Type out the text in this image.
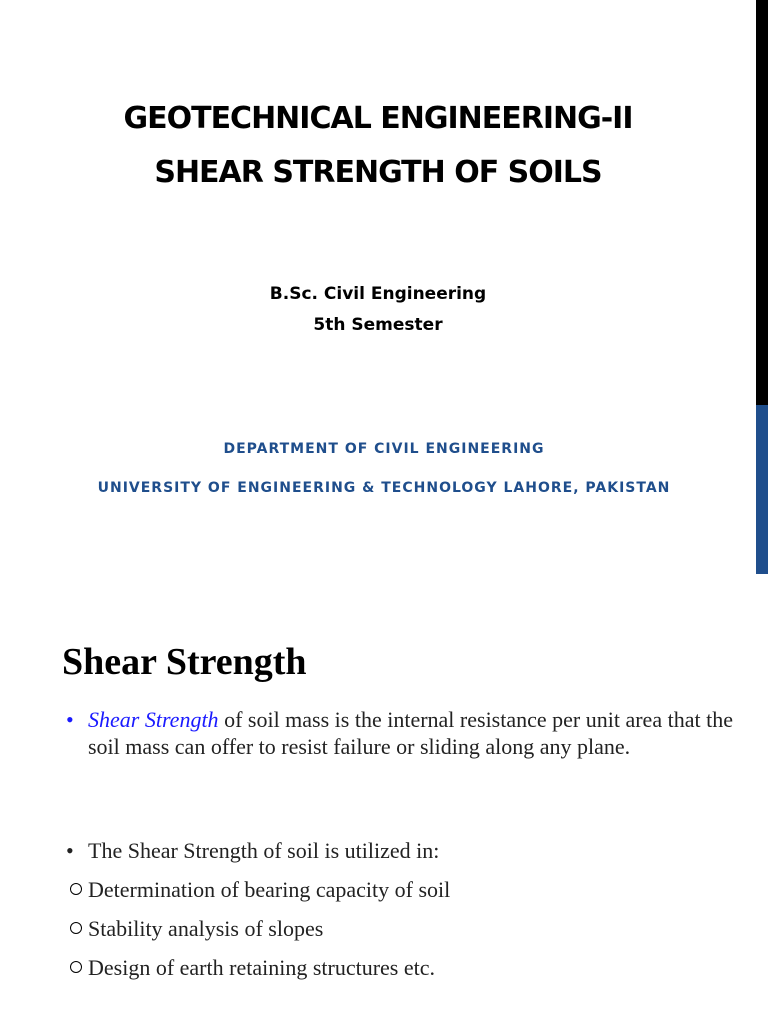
GEOTECHNICAL ENGINEERING-II
SHEAR STRENGTH OF SOILS
B.Sc. Civil Engineering
5th Semester
DEPARTMENT OF CIVIL ENGINEERING
UNIVERSITY OF ENGINEERING & TECHNOLOGY LAHORE, PAKISTAN
Shear Strength
• Shear Strength of soil mass is the internal resistance per unit area that the soil mass can offer to resist failure or sliding along any plane.
• The Shear Strength of soil is utilized in:
Determination of bearing capacity of soil
Stability analysis of slopes
Design of earth retaining structures etc.
